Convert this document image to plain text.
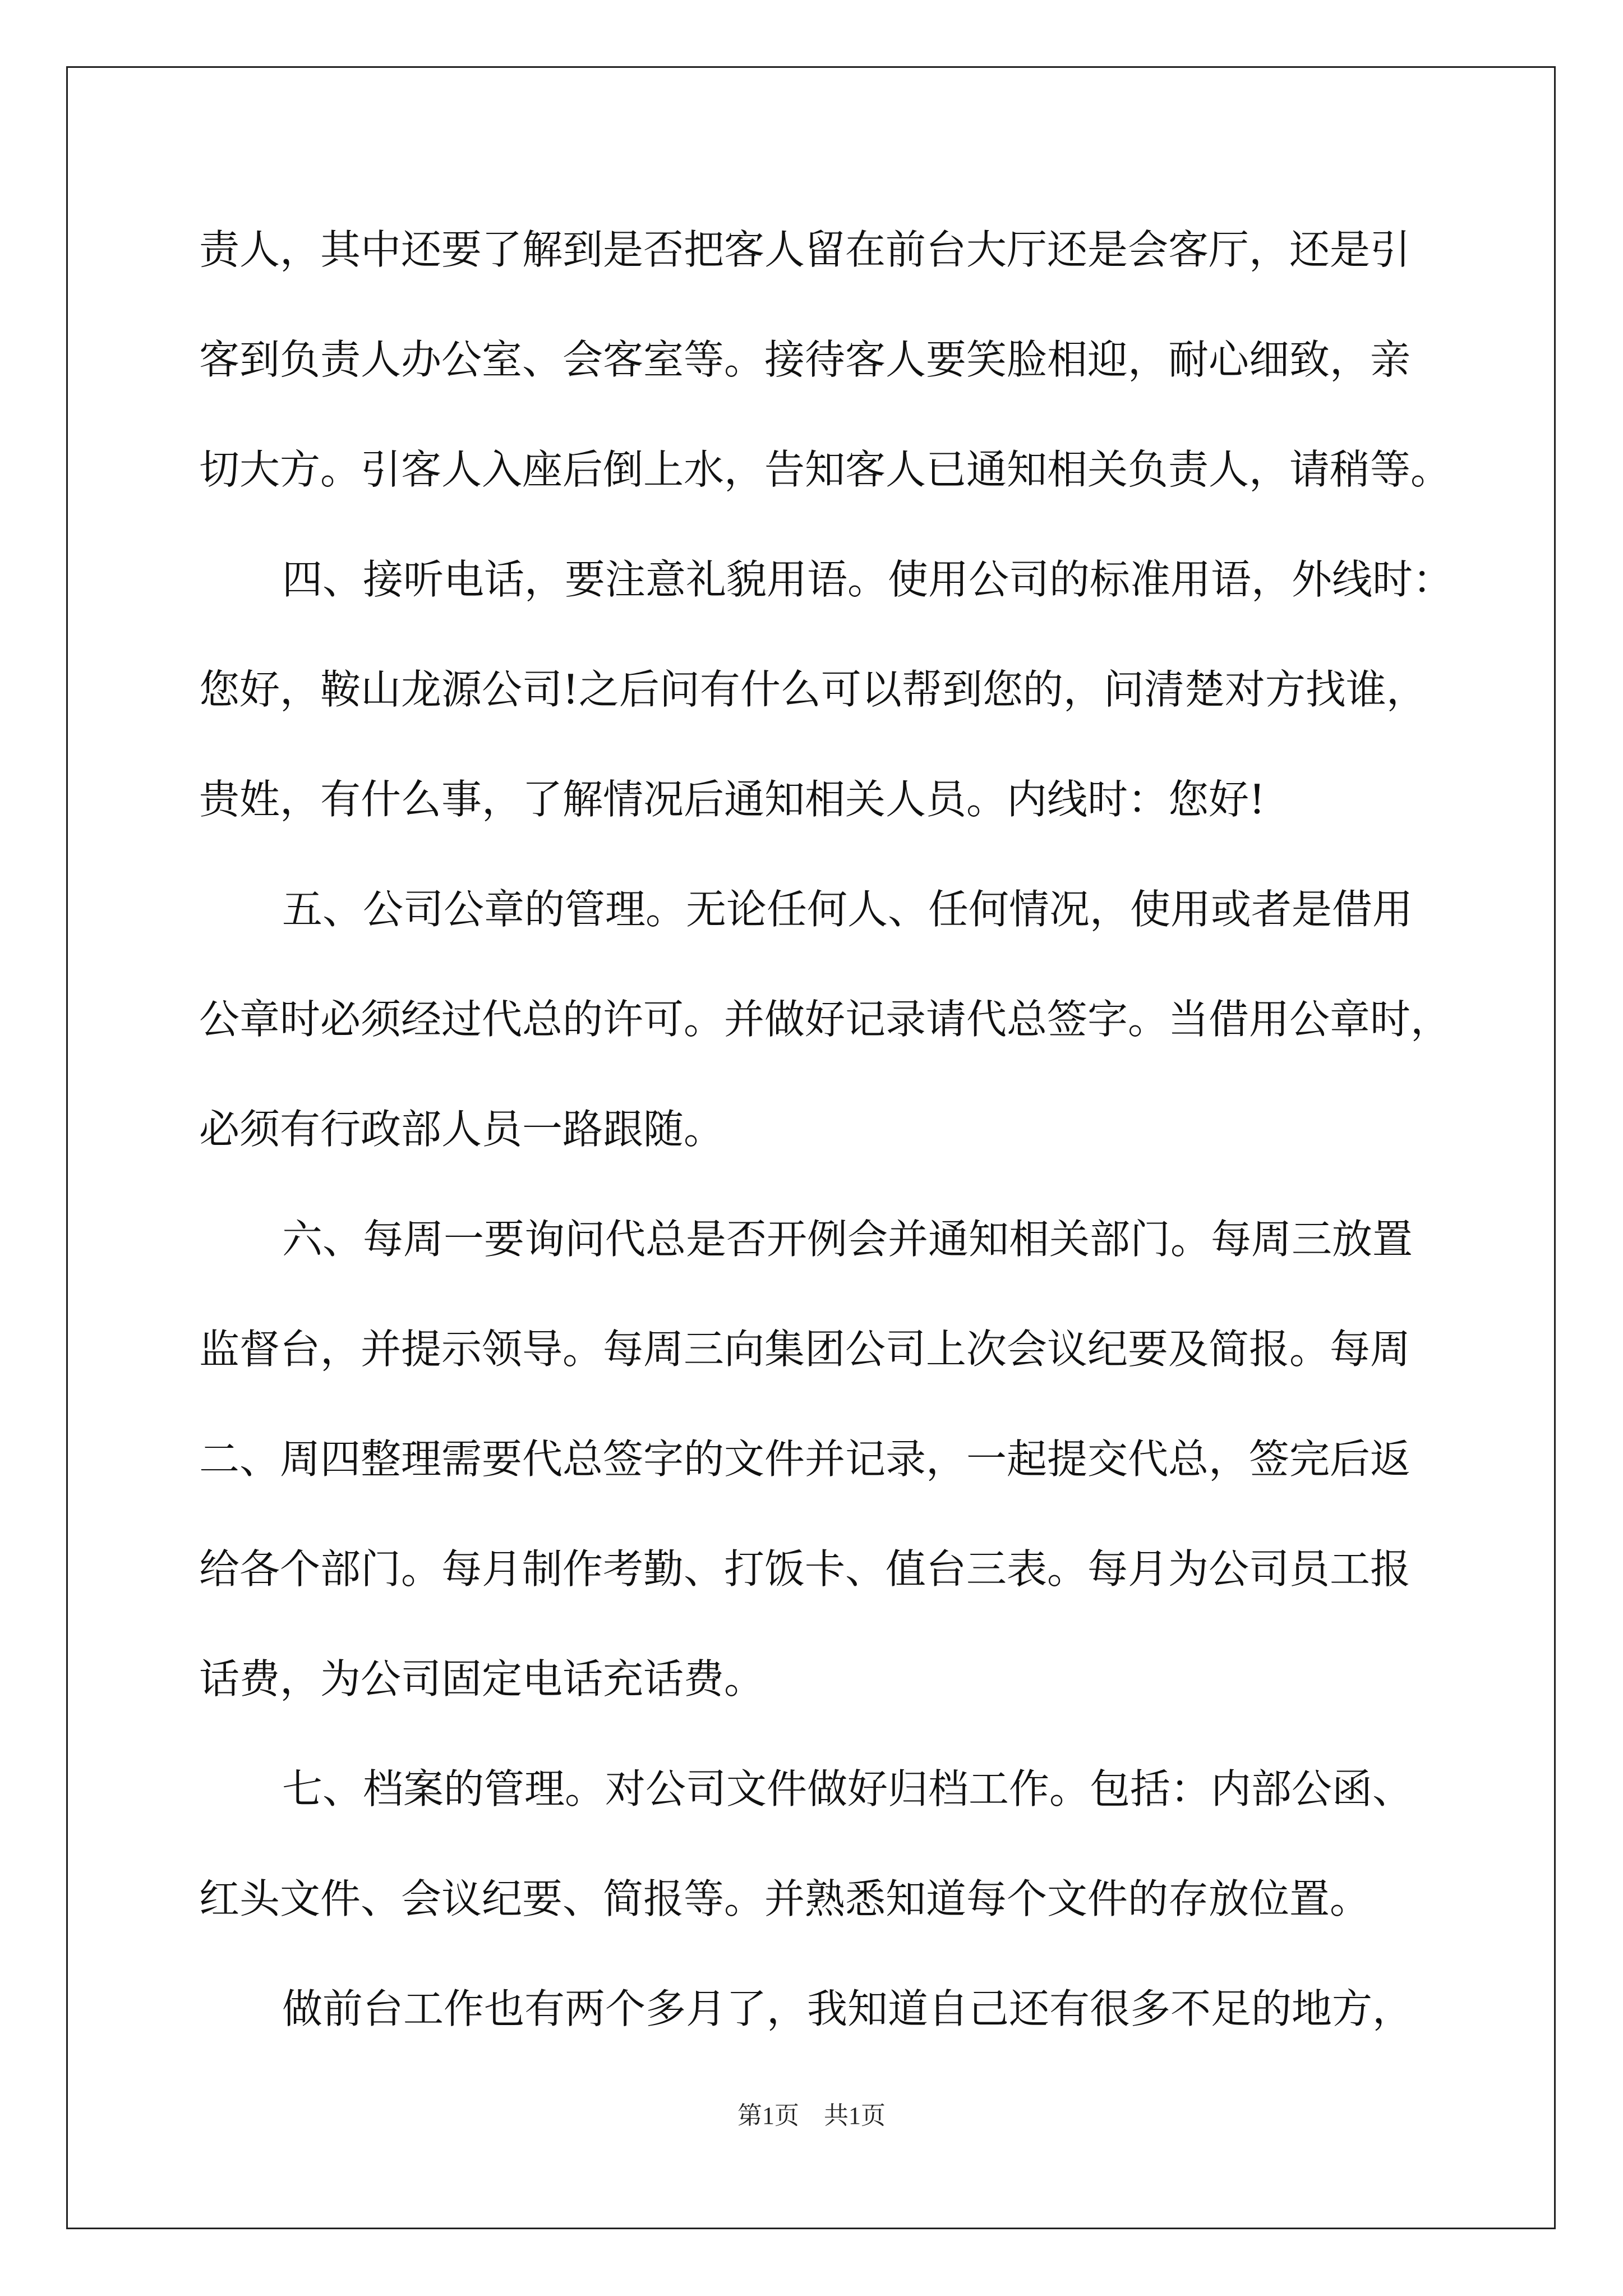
责人，其中还要了解到是否把客人留在前台大厅还是会客厅，还是引
客到负责人办公室、会客室等。接待客人要笑脸相迎，耐心细致，亲
切大方。引客人入座后倒上水，告知客人已通知相关负责人，请稍等。
四、接听电话，要注意礼貌用语。使用公司的标准用语，外线时：
您好，鞍山龙源公司!之后问有什么可以帮到您的，问清楚对方找谁，
贵姓，有什么事，了解情况后通知相关人员。内线时：您好!
五、公司公章的管理。无论任何人、任何情况，使用或者是借用
公章时必须经过代总的许可。并做好记录请代总签字。当借用公章时，
必须有行政部人员一路跟随。
六、每周一要询问代总是否开例会并通知相关部门。每周三放置
监督台，并提示领导。每周三向集团公司上次会议纪要及简报。每周
二、周四整理需要代总签字的文件并记录，一起提交代总，签完后返
给各个部门。每月制作考勤、打饭卡、值台三表。每月为公司员工报
话费，为公司固定电话充话费。
七、档案的管理。对公司文件做好归档工作。包括：内部公函、
红头文件、会议纪要、简报等。并熟悉知道每个文件的存放位置。
做前台工作也有两个多月了，我知道自己还有很多不足的地方，
第1页　共1页
